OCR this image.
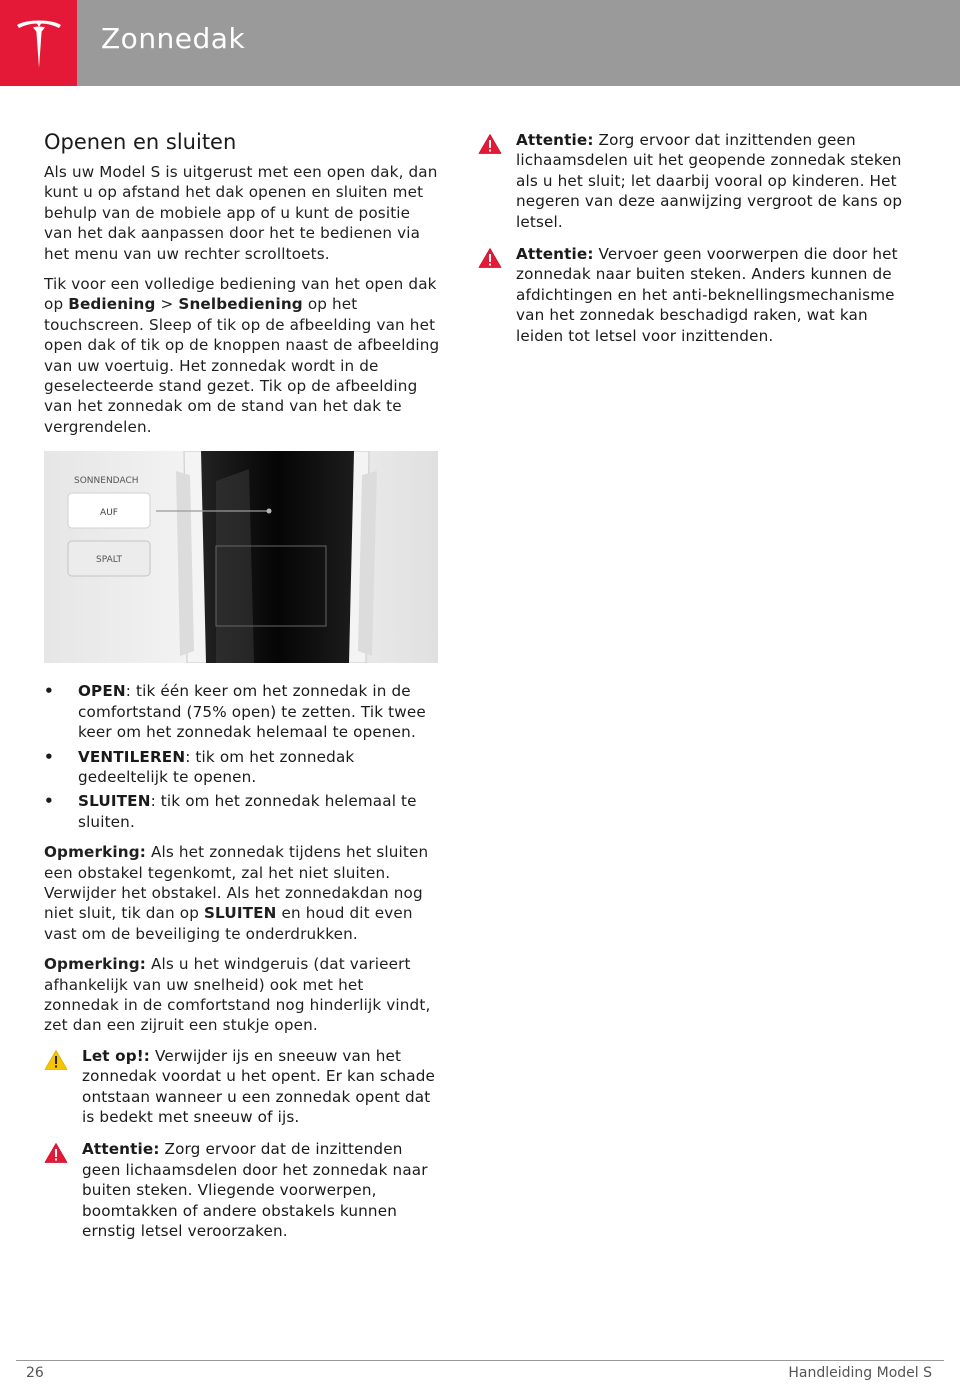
Zonnedak
Openen en sluiten

Als uw Model S is uitgerust met een open dak, dan kunt u op afstand het dak openen en sluiten met behulp van de mobiele app of u kunt de positie van het dak aanpassen door het te bedienen via het menu van uw rechter scrolltoets.

Tik voor een volledige bediening van het open dak op Bediening > Snelbediening op het touchscreen. Sleep of tik op de afbeelding van het open dak of tik op de knoppen naast de afbeelding van uw voertuig. Het zonnedak wordt in de geselecteerde stand gezet. Tik op de afbeelding van het zonnedak om de stand van het dak te vergrendelen.

SONNENDACH
AUF
SPALT
• OPEN: tik één keer om het zonnedak in de comfortstand (75% open) te zetten. Tik twee keer om het zonnedak helemaal te openen.
• VENTILEREN: tik om het zonnedak gedeeltelijk te openen.
• SLUITEN: tik om het zonnedak helemaal te sluiten.

Opmerking: Als het zonnedak tijdens het sluiten een obstakel tegenkomt, zal het niet sluiten. Verwijder het obstakel. Als het zonnedakdan nog niet sluit, tik dan op SLUITEN en houd dit even vast om de beveiliging te onderdrukken.

Opmerking: Als u het windgeruis (dat varieert afhankelijk van uw snelheid) ook met het zonnedak in de comfortstand nog hinderlijk vindt, zet dan een zijruit een stukje open.

Let op!: Verwijder ijs en sneeuw van het zonnedak voordat u het opent. Er kan schade ontstaan wanneer u een zonnedak opent dat is bedekt met sneeuw of ijs.
Attentie: Zorg ervoor dat de inzittenden geen lichaamsdelen door het zonnedak naar buiten steken. Vliegende voorwerpen, boomtakken of andere obstakels kunnen ernstig letsel veroorzaken.
Attentie: Zorg ervoor dat inzittenden geen lichaamsdelen uit het geopende zonnedak steken als u het sluit; let daarbij vooral op kinderen. Het negeren van deze aanwijzing vergroot de kans op letsel.
Attentie: Vervoer geen voorwerpen die door het zonnedak naar buiten steken. Anders kunnen de afdichtingen en het anti-beknellingsmechanisme van het zonnedak beschadigd raken, wat kan leiden tot letsel voor inzittenden.
26	Handleiding Model S
